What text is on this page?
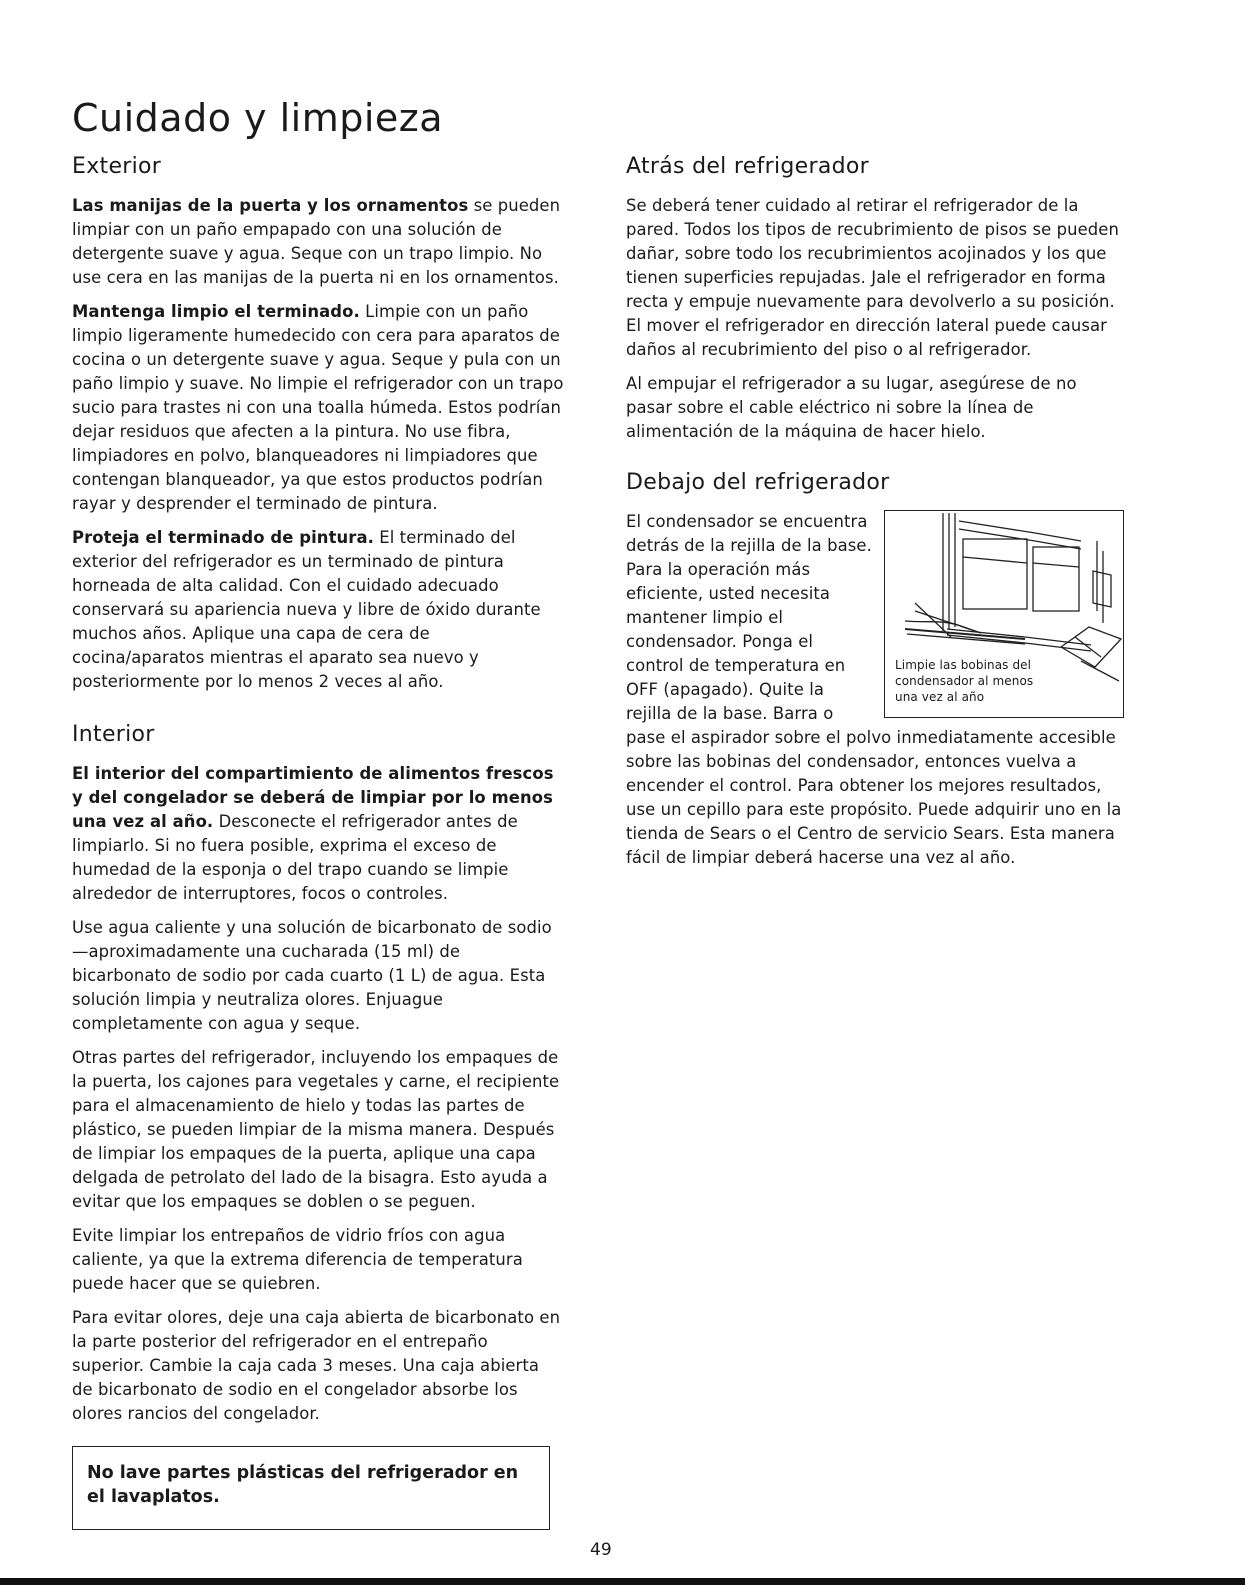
Cuidado y limpieza
Exterior

Las manijas de la puerta y los ornamentos se pueden limpiar con un paño empapado con una solución de detergente suave y agua. Seque con un trapo limpio. No use cera en las manijas de la puerta ni en los ornamentos.

Mantenga limpio el terminado. Limpie con un paño limpio ligeramente humedecido con cera para aparatos de cocina o un detergente suave y agua. Seque y pula con un paño limpio y suave. No limpie el refrigerador con un trapo sucio para trastes ni con una toalla húmeda. Estos podrían dejar residuos que afecten a la pintura. No use fibra, limpiadores en polvo, blanqueadores ni limpiadores que contengan blanqueador, ya que estos productos podrían rayar y desprender el terminado de pintura.

Proteja el terminado de pintura. El terminado del exterior del refrigerador es un terminado de pintura horneada de alta calidad. Con el cuidado adecuado conservará su apariencia nueva y libre de óxido durante muchos años. Aplique una capa de cera de cocina/aparatos mientras el aparato sea nuevo y posteriormente por lo menos 2 veces al año.

Interior

El interior del compartimiento de alimentos frescos y del congelador se deberá de limpiar por lo menos una vez al año. Desconecte el refrigerador antes de limpiarlo. Si no fuera posible, exprima el exceso de humedad de la esponja o del trapo cuando se limpie alrededor de interruptores, focos o controles.

Use agua caliente y una solución de bicarbonato de sodio—aproximadamente una cucharada (15 ml) de bicarbonato de sodio por cada cuarto (1 L) de agua. Esta solución limpia y neutraliza olores. Enjuague completamente con agua y seque.

Otras partes del refrigerador, incluyendo los empaques de la puerta, los cajones para vegetales y carne, el recipiente para el almacenamiento de hielo y todas las partes de plástico, se pueden limpiar de la misma manera. Después de limpiar los empaques de la puerta, aplique una capa delgada de petrolato del lado de la bisagra. Esto ayuda a evitar que los empaques se doblen o se peguen.

Evite limpiar los entrepaños de vidrio fríos con agua caliente, ya que la extrema diferencia de temperatura puede hacer que se quiebren.

Para evitar olores, deje una caja abierta de bicarbonato en la parte posterior del refrigerador en el entrepaño superior. Cambie la caja cada 3 meses. Una caja abierta de bicarbonato de sodio en el congelador absorbe los olores rancios del congelador.

No lave partes plásticas del refrigerador en el lavaplatos.

Atrás del refrigerador

Se deberá tener cuidado al retirar el refrigerador de la pared. Todos los tipos de recubrimiento de pisos se pueden dañar, sobre todo los recubrimientos acojinados y los que tienen superficies repujadas. Jale el refrigerador en forma recta y empuje nuevamente para devolverlo a su posición. El mover el refrigerador en dirección lateral puede causar daños al recubrimiento del piso o al refrigerador.

Al empujar el refrigerador a su lugar, asegúrese de no pasar sobre el cable eléctrico ni sobre la línea de alimentación de la máquina de hacer hielo.

Debajo del refrigerador

Limpie las bobinas del condensador al menos una vez al año
El condensador se encuentra detrás de la rejilla de la base. Para la operación más eficiente, usted necesita mantener limpio el condensador. Ponga el control de temperatura en OFF (apagado). Quite la rejilla de la base. Barra o pase el aspirador sobre el polvo inmediatamente accesible sobre las bobinas del condensador, entonces vuelva a encender el control. Para obtener los mejores resultados, use un cepillo para este propósito. Puede adquirir uno en la tienda de Sears o el Centro de servicio Sears. Esta manera fácil de limpiar deberá hacerse una vez al año.

49
